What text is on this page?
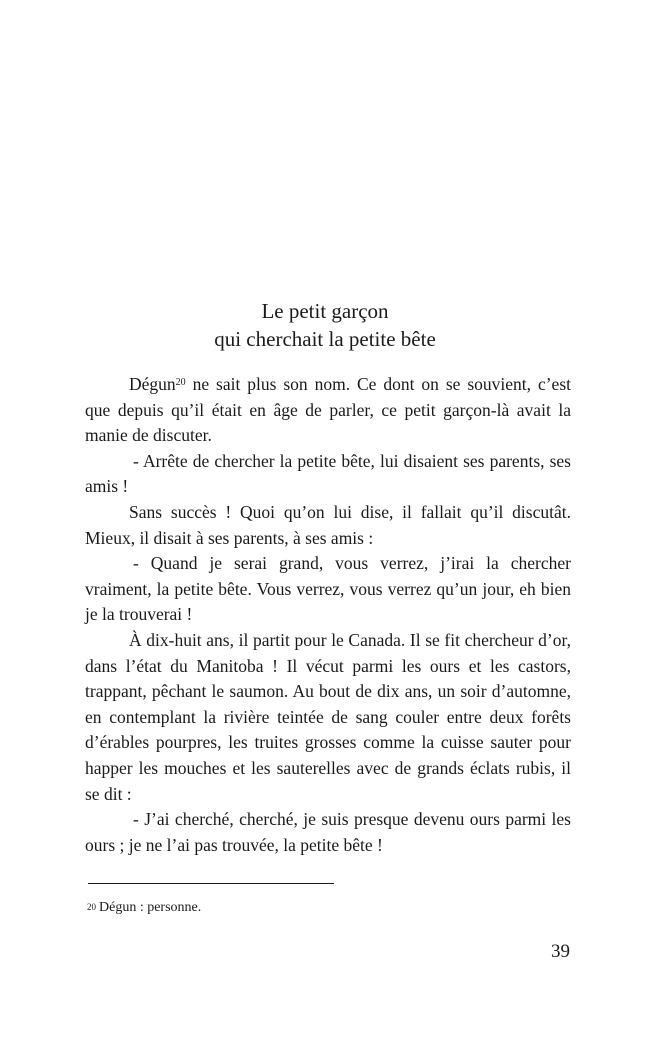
Le petit garçon
qui cherchait la petite bête

Dégun$^{20}$ ne sait plus son nom. Ce dont on se souvient, c’est que depuis qu’il était en âge de parler, ce petit garçon-là avait la manie de discuter.

- Arrête de chercher la petite bête, lui disaient ses parents, ses amis !

Sans succès ! Quoi qu’on lui dise, il fallait qu’il discutât. Mieux, il disait à ses parents, à ses amis :

- Quand je serai grand, vous verrez, j’irai la chercher vraiment, la petite bête. Vous verrez, vous verrez qu’un jour, eh bien je la trouverai !

À dix-huit ans, il partit pour le Canada. Il se fit chercheur d’or, dans l’état du Manitoba ! Il vécut parmi les ours et les castors, trappant, pêchant le saumon. Au bout de dix ans, un soir d’automne, en contemplant la rivière teintée de sang couler entre deux forêts d’érables pourpres, les truites grosses comme la cuisse sauter pour happer les mouches et les sauterelles avec de grands éclats rubis, il se dit :

- J’ai cherché, cherché, je suis presque devenu ours parmi les ours ; je ne l’ai pas trouvée, la petite bête !

$^{20}$ Dégun : personne.
39
